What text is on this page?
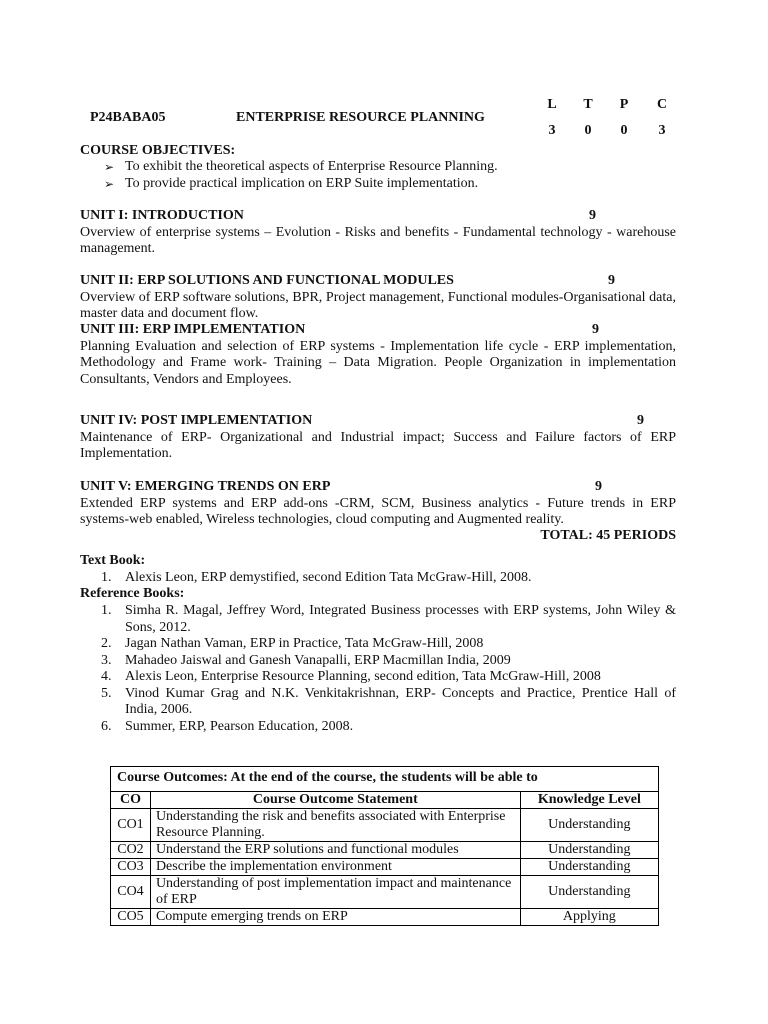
P24BABA05	ENTERPRISE RESOURCE PLANNING
L	T	P	C
3	0	0	3
COURSE OBJECTIVES:
➢ To exhibit the theoretical aspects of Enterprise Resource Planning.
➢ To provide practical implication on ERP Suite implementation.
UNIT I: INTRODUCTION	9
Overview of enterprise systems – Evolution - Risks and benefits - Fundamental technology - warehouse management.
UNIT II: ERP SOLUTIONS AND FUNCTIONAL MODULES	9
Overview of ERP software solutions, BPR, Project management, Functional modules-Organisational data, master data and document flow.
UNIT III: ERP IMPLEMENTATION	9
Planning Evaluation and selection of ERP systems - Implementation life cycle - ERP implementation, Methodology and Frame work- Training – Data Migration. People Organization in implementation Consultants, Vendors and Employees.
UNIT IV: POST IMPLEMENTATION	9
Maintenance of ERP- Organizational and Industrial impact; Success and Failure factors of ERP Implementation.
UNIT V: EMERGING TRENDS ON ERP	9
Extended ERP systems and ERP add-ons -CRM, SCM, Business analytics - Future trends in ERP systems-web enabled, Wireless technologies, cloud computing and Augmented reality.
TOTAL: 45 PERIODS
Text Book:
1. Alexis Leon, ERP demystified, second Edition Tata McGraw-Hill, 2008.
Reference Books:
1. Simha R. Magal, Jeffrey Word, Integrated Business processes with ERP systems, John Wiley & Sons, 2012.
2. Jagan Nathan Vaman, ERP in Practice, Tata McGraw-Hill, 2008
3. Mahadeo Jaiswal and Ganesh Vanapalli, ERP Macmillan India, 2009
4. Alexis Leon, Enterprise Resource Planning, second edition, Tata McGraw-Hill, 2008
5. Vinod Kumar Grag and N.K. Venkitakrishnan, ERP- Concepts and Practice, Prentice Hall of India, 2006.
6. Summer, ERP, Pearson Education, 2008.
Course Outcomes: At the end of the course, the students will be able to		
CO	Course Outcome Statement	Knowledge Level
CO1	Understanding the risk and benefits associated with Enterprise Resource Planning.	Understanding
CO2	Understand the ERP solutions and functional modules	Understanding
CO3	Describe the implementation environment	Understanding
CO4	Understanding of post implementation impact and maintenance of ERP	Understanding
CO5	Compute emerging trends on ERP	Applying
